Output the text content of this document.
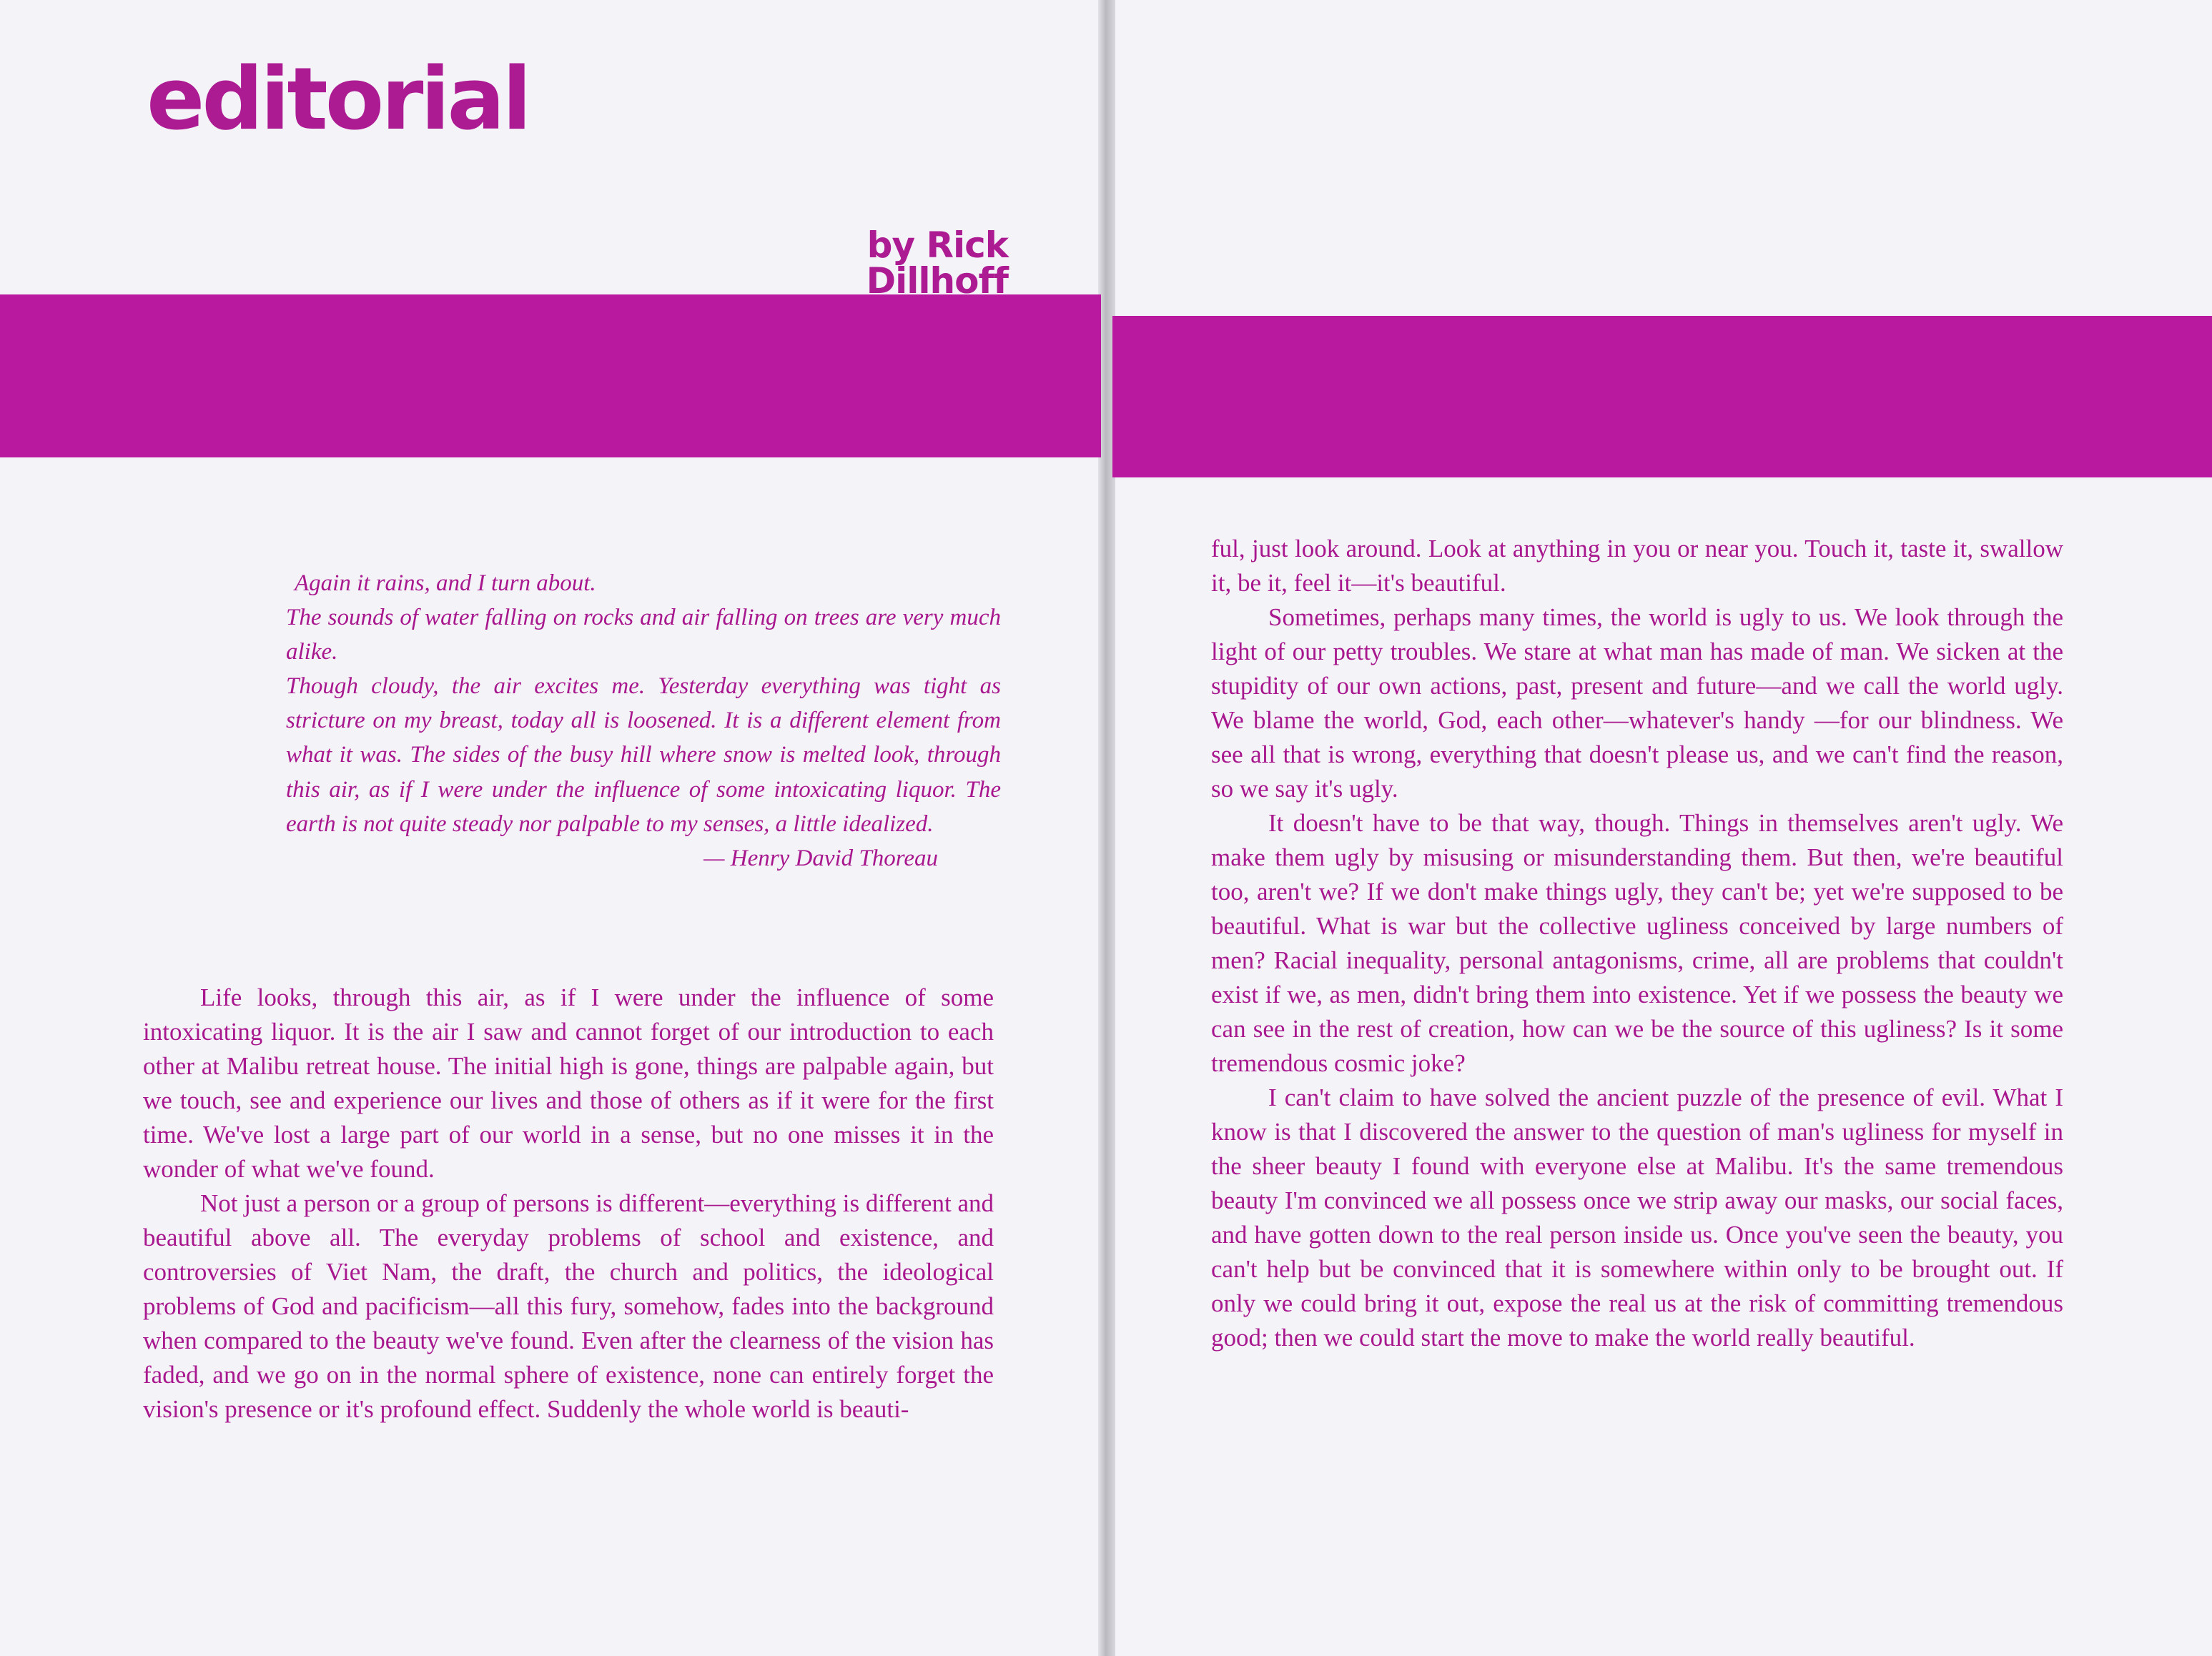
editorial
by Rick Dillhoff
Again it rains, and I turn about.
The sounds of water falling on rocks and air falling on trees are very much alike.
Though cloudy, the air excites me. Yesterday everything was tight as stricture on my breast, today all is loosened. It is a different element from what it was. The sides of the busy hill where snow is melted look, through this air, as if I were under the influence of some intoxicating liquor. The earth is not quite steady nor palpable to my senses, a little idealized.
— Henry David Thoreau

Life looks, through this air, as if I were under the influence of some intoxicating liquor. It is the air I saw and cannot forget of our introduction to each other at Malibu retreat house. The initial high is gone, things are palpable again, but we touch, see and experience our lives and those of others as if it were for the first time. We've lost a large part of our world in a sense, but no one misses it in the wonder of what we've found.

Not just a person or a group of persons is different—everything is different and beautiful above all. The everyday problems of school and existence, and controversies of Viet Nam, the draft, the church and politics, the ideological problems of God and pacificism—all this fury, somehow, fades into the background when compared to the beauty we've found. Even after the clearness of the vision has faded, and we go on in the normal sphere of existence, none can entirely forget the vision's presence or it's profound effect. Suddenly the whole world is beauti-

ful, just look around. Look at anything in you or near you. Touch it, taste it, swallow it, be it, feel it—it's beautiful.

Sometimes, perhaps many times, the world is ugly to us. We look through the light of our petty troubles. We stare at what man has made of man. We sicken at the stupidity of our own actions, past, present and future—and we call the world ugly. We blame the world, God, each other—whatever's handy —for our blindness. We see all that is wrong, everything that doesn't please us, and we can't find the reason, so we say it's ugly.

It doesn't have to be that way, though. Things in themselves aren't ugly. We make them ugly by misusing or misunderstanding them. But then, we're beautiful too, aren't we? If we don't make things ugly, they can't be; yet we're supposed to be beautiful. What is war but the collective ugliness conceived by large numbers of men? Racial inequality, personal antagonisms, crime, all are problems that couldn't exist if we, as men, didn't bring them into existence. Yet if we possess the beauty we can see in the rest of creation, how can we be the source of this ugliness? Is it some tremendous cosmic joke?

I can't claim to have solved the ancient puzzle of the presence of evil. What I know is that I discovered the answer to the question of man's ugliness for myself in the sheer beauty I found with everyone else at Malibu. It's the same tremendous beauty I'm convinced we all possess once we strip away our masks, our social faces, and have gotten down to the real person inside us. Once you've seen the beauty, you can't help but be convinced that it is somewhere within only to be brought out. If only we could bring it out, expose the real us at the risk of committing tremendous good; then we could start the move to make the world really beautiful.
